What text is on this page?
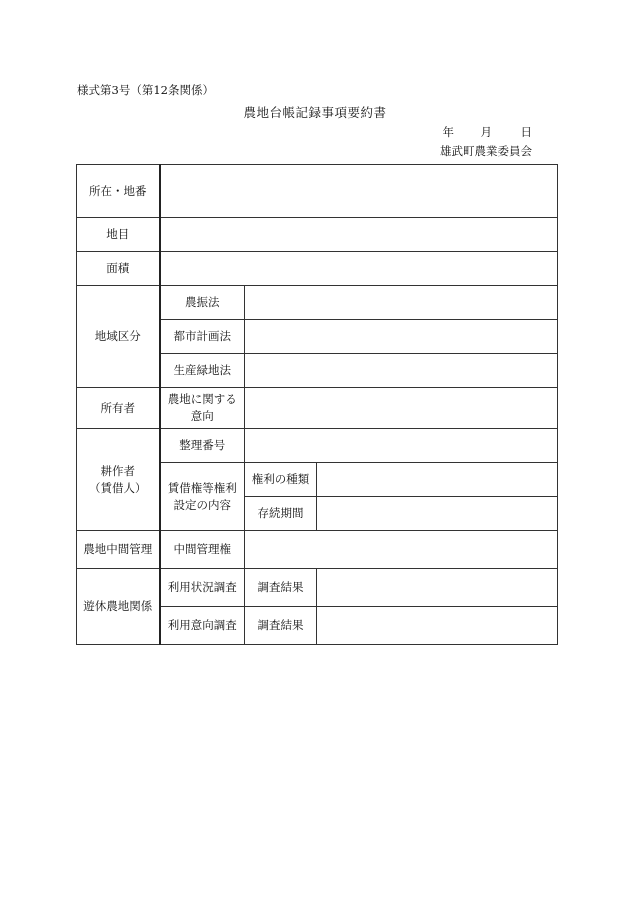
様式第3号（第12条関係）
農地台帳記録事項要約書
年	月	日
雄武町農業委員会
所在・地番			
地目			
面積			
地域区分	農振法		
	都市計画法		
	生産緑地法		
所有者	農地に関する
意向		

耕作者
（賃借人）	整理番号		

	賃借権等権利
設定の内容	権利の種類	
		存続期間	
農地中間管理	中間管理権		
遊休農地関係	利用状況調査	調査結果	
	利用意向調査	調査結果	
